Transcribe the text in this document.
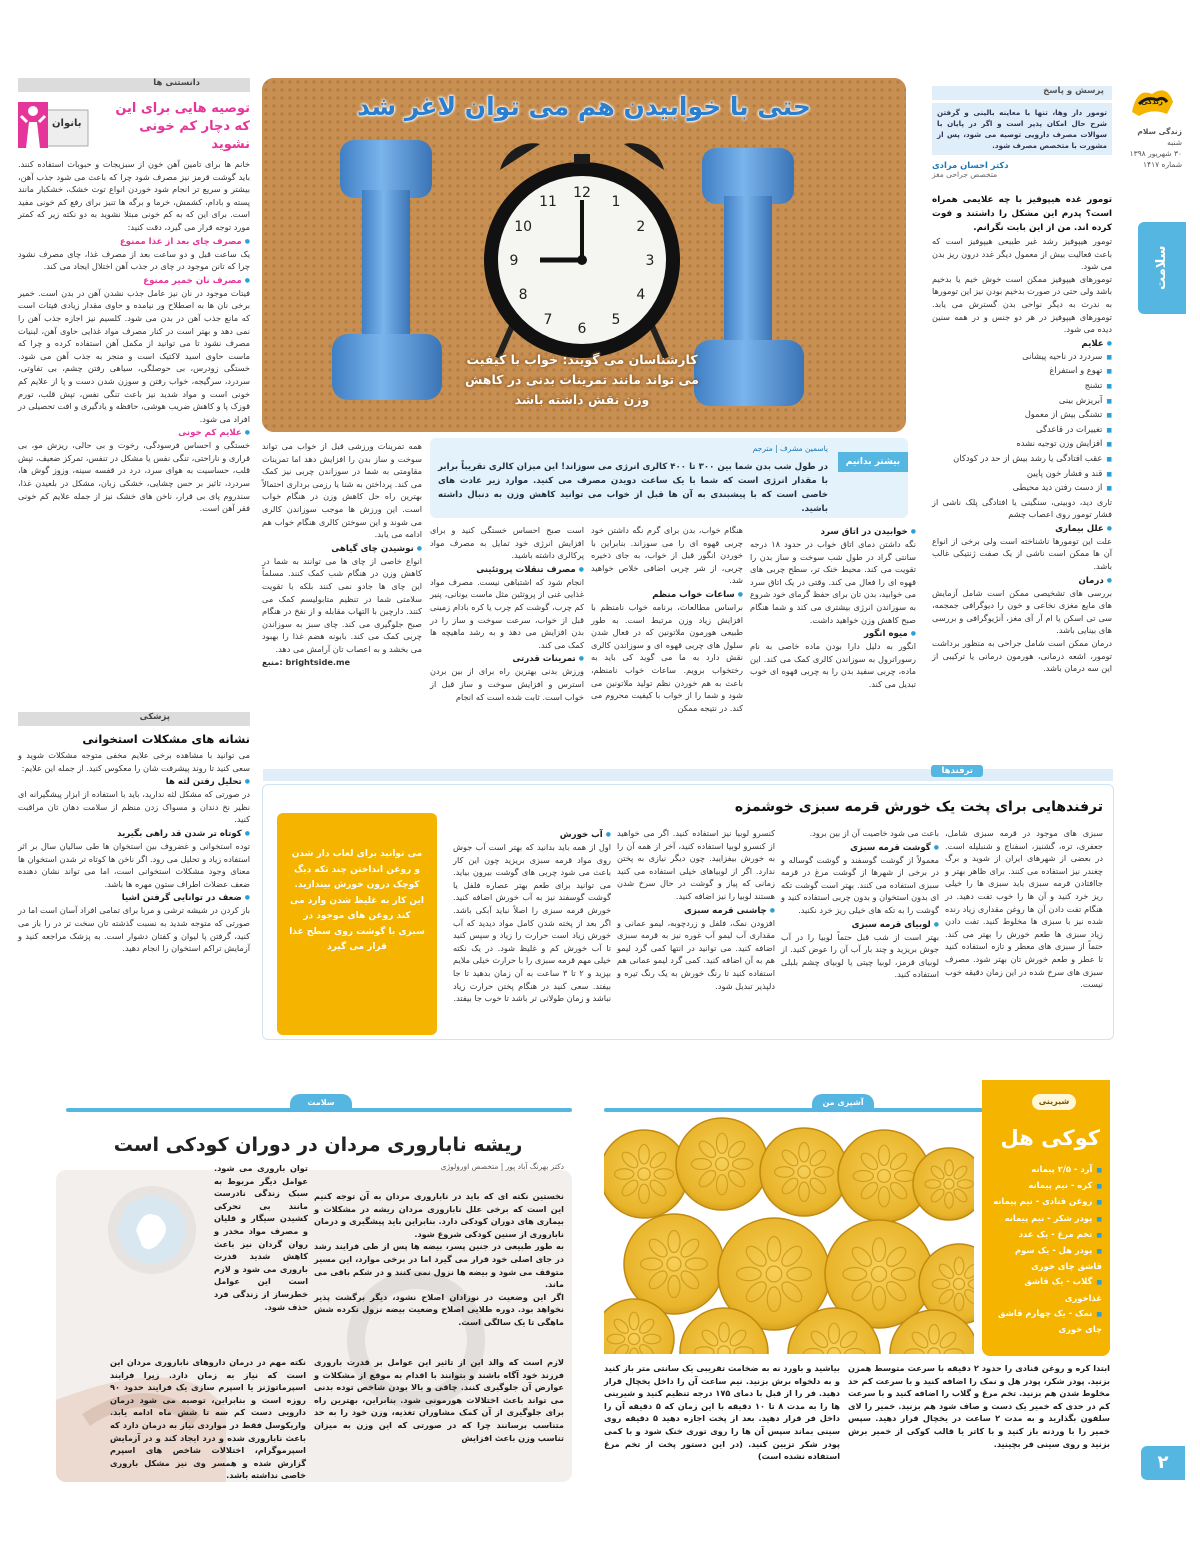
زندگی
زندگی سلام
شنبه
۳۰ شهریور ۱۳۹۸
شماره ۱۴۱۷
سلامت
۲
پرسش و پاسخ

تومور دار وها، تنها با معاینه بالینی و گرفتن شرح حال امکان پذیر است و اگر در پایان با سوالات مصرف دارویی توصیه می شود، پس از مشورت با متخصص مصرف شود.

دکتر احسان مرادی
متخصص جراحی مغز

تومور غده هیپوفیز با چه علایمی همراه است؟ پدرم این مشکل را داشتند و فوت کرده اند. من از این بابت نگرانم.

تومور هیپوفیز رشد غیر طبیعی هیپوفیز است که باعث فعالیت بیش از معمول دیگر غدد درون ریز بدن می شود.

تومورهای هیپوفیز ممکن است خوش خیم یا بدخیم باشد ولی حتی در صورت بدخیم بودن نیز این تومورها به ندرت به دیگر نواحی بدن گسترش می یابد. تومورهای هیپوفیز در هر دو جنس و در همه سنین دیده می شود.

● علایم
■ سردرد در ناحیه پیشانی
■ تهوع و استفراغ
■ تشنج
■ آبریزش بینی
■ تشنگی بیش از معمول
■ تغییرات در قاعدگی
■ افزایش وزن توجیه نشده
■ عقب افتادگی یا رشد بیش از حد در کودکان
■ قند و فشار خون پایین
■ از دست رفتن دید محیطی

تاری دید، دوبینی، سنگینی یا افتادگی پلک ناشی از فشار تومور روی اعصاب چشم

● علل بیماری

علت این تومورها ناشناخته است ولی برخی از انواع آن ها ممکن است ناشی از یک صفت ژنتیکی غالب باشد.

● درمان

بررسی های تشخیصی ممکن است شامل آزمایش های مایع مغزی نخاعی و خون را دیوگرافی جمجمه، سی تی اسکن یا ام آر آی مغز، آنژیوگرافی و بررسی های بینایی باشد.

درمان ممکن است شامل جراحی به منظور برداشت تومور، اشعه درمانی، هورمون درمانی یا ترکیبی از این سه درمان باشد.

12
1
2
3
4
5
6
7
8
9
10
11
حتی با خوابیدن هم می توان لاغر شد
کارشناسان می گویند: خواب با کیفیت می تواند مانند تمرینات بدنی در کاهش وزن نقش داشته باشد
بیشتر بدانیم
یاسمین مشرف | مترجم

در طول شب بدن شما بین ۳۰۰ تا ۴۰۰ کالری انرژی می سوزاند! این میزان کالری تقریباً برابر با مقدار انرژی است که شما با یک ساعت دویدن مصرف می کنید. موارد زیر عادت های خاصی است که با پیشبندی به آن ها قبل از خواب می توانید کاهش وزن به دنبال داشته باشید.

● خوابیدن در اتاق سرد

نگه داشتن دمای اتاق خواب در حدود ۱۸ درجه سانتی گراد در طول شب سوخت و ساز بدن را تقویت می کند. محیط خنک تر، سطح چربی های قهوه ای را فعال می کند. وقتی در یک اتاق سرد می خوابید، بدن تان برای حفظ گرمای خود شروع به سوزاندن انرژی بیشتری می کند و شما هنگام صبح کاهش وزن خواهید داشت.

● میوه انگور

انگور به دلیل دارا بودن ماده خاصی به نام رسوراترول به سوزاندن کالری کمک می کند. این ماده، چربی سفید بدن را به چربی قهوه ای خوب تبدیل می کند.

هنگام خواب، بدن برای گرم نگه داشتن خود چربی قهوه ای را می سوزاند. بنابراین با خوردن انگور قبل از خواب، به جای ذخیره چربی، از شر چربی اضافی خلاص خواهید شد.

● ساعات خواب منظم

براساس مطالعات، برنامه خواب نامنظم با افزایش زیاد وزن مرتبط است. به طور طبیعی هورمون ملاتونین که در فعال شدن سلول های چربی قهوه ای و سوزاندن کالری نقش دارد به ما می گوید کی باید به رختخواب برویم. ساعات خواب نامنظم، باعث به هم خوردن نظم تولید ملاتونین می شود و شما را از خواب با کیفیت محروم می کند. در نتیجه ممکن

است صبح احساس خستگی کنید و برای افزایش انرژی خود تمایل به مصرف مواد پرکالری داشته باشید.

● مصرف تنقلات پروتئینی

انجام شود که اشتباهی نیست. مصرف مواد غذایی غنی از پروتئین مثل ماست یونانی، پنیر کم چرب، گوشت کم چرب یا کره بادام زمینی قبل از خواب، سرعت سوخت و ساز را در بدن افزایش می دهد و به رشد ماهیچه ها کمک می کند.

● تمرینات قدرتی

ورزش بدنی بهترین راه برای از بین بردن استرس و افزایش سوخت و ساز قبل از خواب است. ثابت شده است که انجام

همه تمرینات ورزشی قبل از خواب می تواند سوخت و ساز بدن را افزایش دهد اما تمرینات مقاومتی به شما در سوزاندن چربی نیز کمک می کند. پرداختن به شنا یا رزمی برداری احتمالاً بهترین راه حل کاهش وزن در هنگام خواب است. این ورزش ها موجب سوزاندن کالری می شوند و این سوختن کالری هنگام خواب هم ادامه می یابد.

● نوشیدن چای گیاهی

انواع خاصی از چای ها می توانند به شما در کاهش وزن در هنگام شب کمک کنند. مسلماً این چای ها جادو نمی کنند بلکه با تقویت سلامتی شما در تنظیم متابولیسم کمک می کنند. دارچین با التهاب مقابله و از نفخ در هنگام صبح جلوگیری می کند. چای سبز به سوزاندن چربی کمک می کند. بابونه هضم غذا را بهبود می بخشد و به اعصاب تان آرامش می دهد.

منبع: brightside.me

دانستنی ها
بانوان
توصیه هایی برای این که دچار کم خونی نشوید

خانم ها برای تامین آهن خون از سبزیجات و حبوبات استفاده کنند. باید گوشت قرمز نیز مصرف شود چرا که باعث می شود جذب آهن، بیشتر و سریع تر انجام شود خوردن انواع توت خشک، خشکبار مانند پسته و بادام، کشمش، خرما و برگه ها تنیز برای رفع کم خونی مفید است. برای این که به کم خونی مبتلا نشوید به دو نکته زیر که کمتر مورد توجه قرار می گیرد، دقت کنید:

● مصرف چای بعد از غذا ممنوع

یک ساعت قبل و دو ساعت بعد از مصرف غذا، چای مصرف نشود چرا که تانن موجود در چای در جذب آهن اختلال ایجاد می کند.

● مصرف نان خمیر ممنوع

فیتات موجود در نان نیز عامل جذب نشدن آهن در بدن است. خمیر برخی نان ها به اصطلاح ور نیامده و حاوی مقدار زیادی فیتات است که مانع جذب آهن در بدن می شود. کلسیم نیز اجازه جذب آهن را نمی دهد و بهتر است در کنار مصرف مواد غذایی حاوی آهن، لبنیات مصرف نشود تا می توانید از مکمل آهن استفاده کرده و چرا که ماست حاوی اسید لاکتیک است و منجر به جذب آهن می شود. خستگی زودرس، بی حوصلگی، سیاهی رفتن چشم، بی تفاوتی، سردرد، سرگیجه، خواب رفتن و سوزن شدن دست و پا از علایم کم خونی است و مواد شدید نیز باعث تنگی نفس، تپش قلب، تورم قوزک پا و کاهش ضریب هوشی، حافظه و یادگیری و افت تحصیلی در افراد می شود.

● علایم کم خونی

خستگی و احساس فرسودگی، رخوت و بی حالی، ریزش مو، بی قراری و ناراحتی، تنگی نفس یا مشکل در تنفس، تمرکز ضعیف، تپش قلب، حساسیت به هوای سرد، درد در قفسه سینه، وزوز گوش ها، سردرد، تاثیر بر حس چشایی، خشکی زبان، مشکل در بلعیدن غذا، سندروم پای بی قرار، ناخن های خشک نیز از جمله علایم کم خونی فقر آهن است.

پزشکی
نشانه های مشکلات استخوانی

می توانید با مشاهده برخی علایم مخفی متوجه مشکلات شوید و سعی کنید تا روند پیشرفت شان را معکوس کنید. از جمله این علایم:

● تحلیل رفتن لثه ها

در صورتی که مشکل لثه ندارید، باید با استفاده از ابزار پیشگیرانه ای نظیر نخ دندان و مسواک زدن منظم از سلامت دهان تان مراقبت کنید.

● کوتاه تر شدن قد راهی بگیرید

توده استخوانی و غضروف بین استخوان ها طی سالیان سال بر اثر استفاده زیاد و تحلیل می رود. اگر ناخن ها کوتاه تر شدن استخوان ها معنای وجود مشکلات استخوانی است، اما می تواند نشان دهنده ضعف عضلات اطراف ستون مهره ها باشد.

● ضعف در توانایی گرفتن اشیا

باز کردن در شیشه ترشی و مربا برای تمامی افراد آسان است اما در صورتی که متوجه شدید به نسبت گذشته تان سخت تر در را باز می کنید، گرفتن پا لیوان و کفتان دشوار است. به پزشک مراجعه کنید و آزمایش تراکم استخوان را انجام دهید.

ترفندها
ترفندهایی برای پخت یک خورش قرمه سبزی خوشمزه

سبزی های موجود در قرمه سبزی شامل، جعفری، تره، گشنیز، اسفناج و شنبلیله است. در بعضی از شهرهای ایران از شوید و برگ چغندر نیز استفاده می کنند. برای ظاهر بهتر و جاافتادن قرمه سبزی باید سبزی ها را خیلی ریز خرد کنید و آن ها را خوب تفت دهید. در هنگام تفت دادن آن ها روغن مقداری زیاد رنده شده نیز با سبزی ها مخلوط کنید. تفت دادن زیاد سبزی ها طعم خورش را بهتر می کند. حتماً از سبزی های معطر و تازه استفاده کنید تا عطر و طعم خورش تان بهتر شود. مصرف سبزی های سرخ شده در این زمان دقیقه خوب نیست.

باعث می شود خاصیت آن از بین برود.

● گوشت قرمه سبزی

معمولاً از گوشت گوسفند و گوشت گوساله و در برخی از شهرها از گوشت مرغ در قرمه سبزی استفاده می کنند. بهتر است گوشت تکه ای بدون استخوان و بدون چربی استفاده کنید و گوشت را به تکه های خیلی ریز خرد نکنید.

● لوبیای قرمه سبزی

بهتر است از شب قبل حتماً لوبیا را در آب جوش بریزید و چند بار آب آن را عوض کنید. از لوبیای قرمز، لوبیا چیتی یا لوبیای چشم بلبلی استفاده کنید.

کنسرو لوبیا نیز استفاده کنید. اگر می خواهید از کنسرو لوبیا استفاده کنید، آخر از همه آن را به خورش بیفزایید. چون دیگر نیازی به پختن ندارد. اگر از لوبیاهای خیلی استفاده می کنید زمانی که پیاز و گوشت در حال سرخ شدن هستند لوبیا را نیز اضافه کنید.

● چاشنی قرمه سبزی

افزودن نمک، فلفل و زردچوبه، لیمو عمانی و مقداری آب لیمو آب غوره نیز به قرمه سبزی اضافه کنید. می توانید در انتها کمی گرد لیمو هم به آن اضافه کنید. کمی گرد لیمو عمانی هم استفاده کنید تا رنگ خورش به یک رنگ تیره و دلپذیر تبدیل شود.

● آب خورش

اول از همه باید بدانید که بهتر است آب جوش روی مواد قرمه سبزی بریزید چون این کار باعث می شود چربی های گوشت بیرون بیاید. می توانید برای طعم بهتر عصاره فلفل یا گوشت گوسفند نیز به آب خورش اضافه کنید. خورش قرمه سبزی را اصلاً نباید آبکی باشد. اگر بعد از پخته شدن کامل مواد دیدید که آب خورش زیاد است حرارت را زیاد و سپس کنید تا آب خورش کم و غلیظ شود. در یک نکته خیلی مهم قرمه سبزی را با حرارت خیلی ملایم بپزید و ۲ تا ۳ ساعت به آن زمان بدهید تا جا بیفتد. سعی کنید در هنگام پختن حرارت زیاد نباشد و زمان طولانی تر باشد تا خوب جا بیفتد.

می توانید برای لعاب دار شدن و روغن انداختن چند تکه دیگ کوچک درون خورش بیندازید. این کار به غلیظ شدن وارد می کند روغن های موجود در سبزی با گوشت روی سطح غذا قرار می گیرد

سلامت
ریشه ناباروری مردان در دوران کودکی است
دکتر بهرنگ آباد پور | متخصص اورولوژی

نخستین نکته ای که باید در ناباروری مردان به آن توجه کنیم این است که برخی علل ناباروری مردان ریشه در مشکلات و بیماری های دوران کودکی دارد. بنابراین باید پیشگیری و درمان ناباروری از سنین کودکی شروع شود.

به طور طبیعی در جنین پسر، بیضه ها پس از طی فرایند رشد در جای اصلی خود قرار می گیرد اما در برخی موارد، این مسیر متوقف می شود و بیضه ها نزول نمی کنند و در شکم باقی می ماند.

اگر این وضعیت در نوزادان اصلاح نشود، دیگر برگشت پذیر نخواهد بود. دوره طلایی اصلاح وضعیت بیضه نزول نکرده شش ماهگی تا یک سالگی است.

لازم است که والد این از تاثیر این عوامل بر قدرت باروری فرزند خود آگاه باشند و بتوانند با اقدام به موقع از مشکلات و عوارض آن جلوگیری کنند. چاقی و بالا بودن شاخص توده بدنی می تواند باعث اختلالات هورمونی شود. بنابراین، بهترین راه برای جلوگیری از آن کمک مشاوران تغذیه، وزن خود را به حد متناسب برسانند چرا که در صورتی که این وزن به میزان تناسب وزن باعث افزایش

توان باروری می شود. عوامل دیگر مربوط به سبک زندگی نادرست مانند بی تحرکی کشیدن سیگار و قلیان و مصرف مواد مخدر و روان گردان نیز باعث کاهش شدید قدرت باروری می شود و لازم است این عوامل خطرساز از زندگی فرد حذف شود.

نکته مهم در درمان داروهای ناباروری مردان این است که نیاز به زمان دارد. زیرا فرایند اسپرماتوژنز یا اسپرم سازی یک فرایند حدود ۹۰ روزه است و بنابراین، توصیه می شود درمان دارویی دست کم سه تا شش ماه ادامه یابد. واریکوسل فقط در مواردی نیاز به درمان دارد که باعث ناباروری شده و درد ایجاد کند و در آزمایش اسپرموگرام، اختلالات شاخص های اسپرم گزارش شده و همسر وی نیز مشکل باروری خاصی نداشته باشد.

آشپزی من	شیرینی
کوکی هل
■ آرد - ۲/۵ پیمانه
■ کره - نیم پیمانه
■ روغن قنادی - نیم پیمانه
■ پودر شکر - نیم پیمانه
■ تخم مرغ - یک عدد
■ پودر هل - یک سوم قاشق چای خوری
■ گلاب - یک قاشق غذاخوری
■ نمک - یک چهارم قاشق چای خوری

بیاشید و باورد نه به ضخامت تقریبی یک سانتی متر باز کنید و به دلخواه برش بزنید. نیم ساعت آن را داخل یخچال قرار دهید. فر را از قبل با دمای ۱۷۵ درجه تنظیم کنید و شیرینی ها را به مدت ۸ تا ۱۰ دقیقه با این زمان که ۵ دقیقه آن را داخل فر قرار دهید. بعد از پخت اجازه دهید ۵ دقیقه روی سینی بماند سپس آن ها را روی توری خنک شود و با کمی پودر شکر تزیین کنید. (در این دستور پخت از تخم مرغ استفاده نشده است)

ابتدا کره و روغن قنادی را حدود ۲ دقیقه با سرعت متوسط همزن بزنید. پودر شکر، پودر هل و نمک را اضافه کنید و با سرعت کم حد مخلوط شدن هم بزنید. تخم مرغ و گلاب را اضافه کنید و با سرعت کم در حدی که خمیر یک دست و صاف شود هم بزنید. خمیر را لای سلفون بگذارید و به مدت ۲ ساعت در یخچال قرار دهید. سپس خمیر را با وردنه باز کنید و با کاتر یا قالب کوکی از خمیر برش بزنید و روی سینی فر بچینید.
